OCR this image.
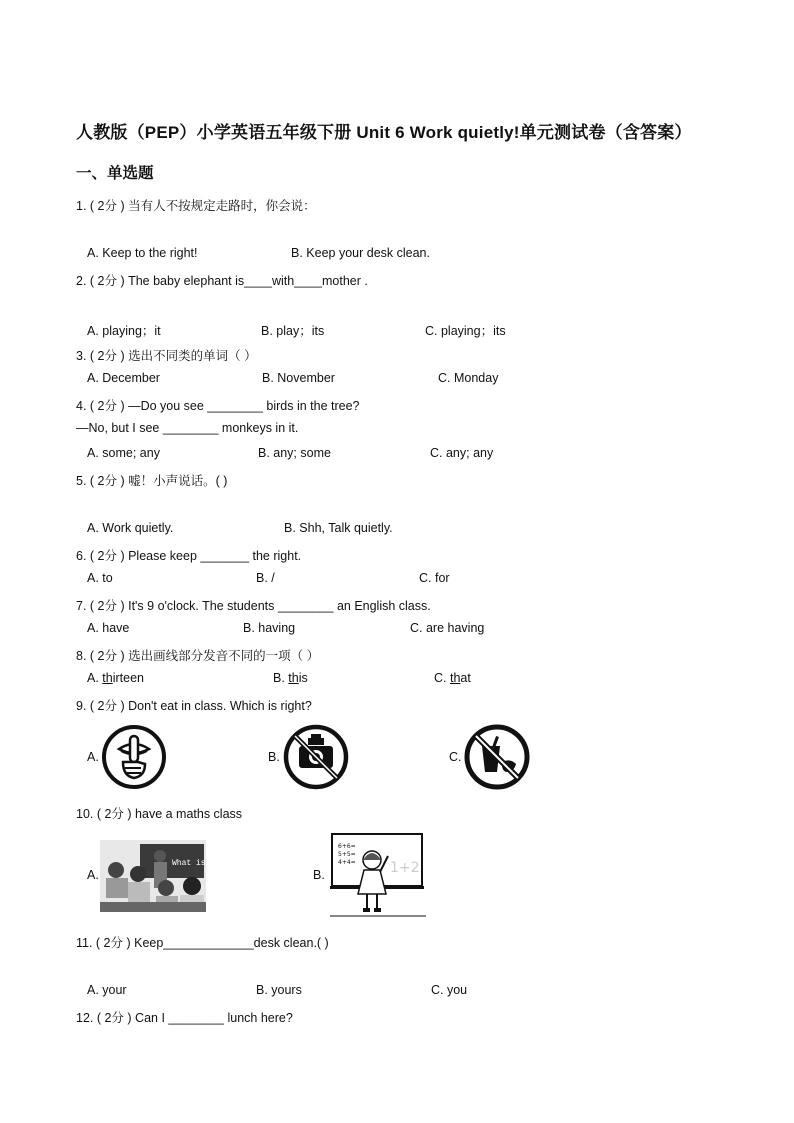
人教版（PEP）小学英语五年级下册 Unit 6 Work quietly!单元测试卷（含答案）
一、单选题
1. ( 2分 ) 当有人不按规定走路时，你会说：
A. Keep to the right!	B. Keep your desk clean.
2. ( 2分 ) The baby elephant is____with____mother .
A. playing；it	B. play；its	C. playing；its
3. ( 2分 ) 选出不同类的单词（ ）
A. December	B. November	C. Monday
4. ( 2分 ) —Do you see ________ birds in the tree?
—No, but I see ________ monkeys in it.
A. some; any	B. any; some	C. any; any
5. ( 2分 ) 嘘！小声说话。( )
A. Work quietly.	B. Shh, Talk quietly.
6. ( 2分 ) Please keep _______ the right.
A. to	B. /	C. for
7. ( 2分 ) It's 9 o'clock. The students ________ an English class.
A. have	B. having	C. are having
8. ( 2分 ) 选出画线部分发音不同的一项（ ）
A. thirteen	B. this	C. that
9. ( 2分 ) Don't eat in class. Which is right?
A.	B.	C.
10. ( 2分 ) have a maths class
A.	B.
What is
6+6=
5+5=
4+4= 1+2
11. ( 2分 ) Keep_____________desk clean.( )
A. your	B. yours	C. you
12. ( 2分 ) Can I ________ lunch here?
